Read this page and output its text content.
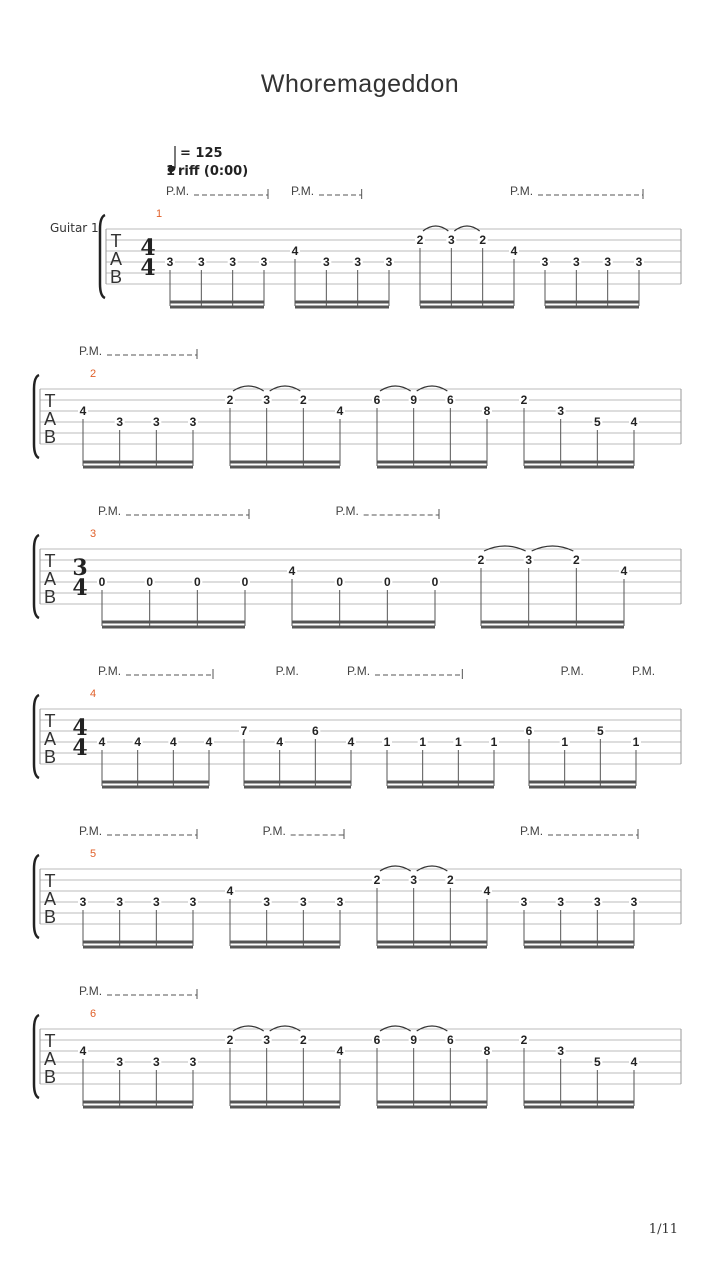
Whoremageddon
= 125
1 riff (0:00)
Guitar 1
T
A
B
1
4
4 3 3 3 3
4
3 3 3
2 3 2
4
3 3 3 3
P.M.	P.M.	P.M.
T
A
B
2
4
3 3 3
2 3 2
4
6 9 6
8
2
3
5 4
P.M.
T
A
B
3
3
4 0	0	0	0
4
0	0	0
2	3	2
4
P.M.	P.M.
T
A
B
4
4
4 4 4 4 4
7
4
6
4 1 1 1 1
6
1
5
1
P.M.	P.M.	P.M.	P.M.	P.M.
T
A
B
5
3 3 3 3
4
3 3 3
2 3 2
4
3 3 3 3
P.M.	P.M.	P.M.
T
A
B
6
4
3 3 3
2 3 2
4
6 9 6
8
2
3
5 4
P.M.
1/11
